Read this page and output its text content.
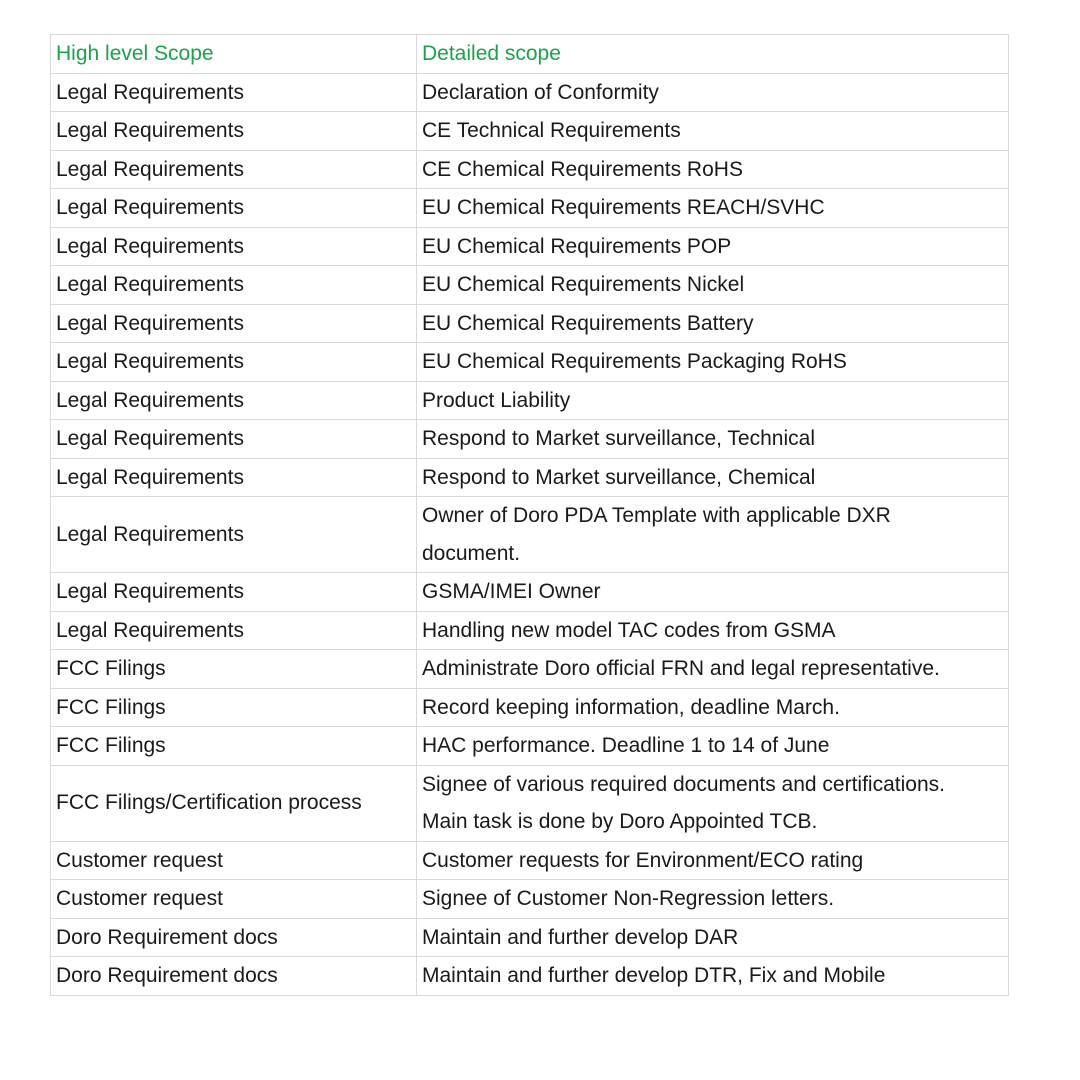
High level Scope	Detailed scope
Legal Requirements	Declaration of Conformity
Legal Requirements	CE Technical Requirements
Legal Requirements	CE Chemical Requirements RoHS
Legal Requirements	EU Chemical Requirements REACH/SVHC
Legal Requirements	EU Chemical Requirements POP
Legal Requirements	EU Chemical Requirements Nickel
Legal Requirements	EU Chemical Requirements Battery
Legal Requirements	EU Chemical Requirements Packaging RoHS
Legal Requirements	Product Liability
Legal Requirements	Respond to Market surveillance, Technical
Legal Requirements	Respond to Market surveillance, Chemical
Legal Requirements	Owner of Doro PDA Template with applicable DXR document.
Legal Requirements	GSMA/IMEI Owner
Legal Requirements	Handling new model TAC codes from GSMA
FCC Filings	Administrate Doro official FRN and legal representative.
FCC Filings	Record keeping information, deadline March.
FCC Filings	HAC performance. Deadline 1 to 14 of June
FCC Filings/Certification process	Signee of various required documents and certifications. Main task is done by Doro Appointed TCB.
Customer request	Customer requests for Environment/ECO rating
Customer request	Signee of Customer Non-Regression letters.
Doro Requirement docs	Maintain and further develop DAR
Doro Requirement docs	Maintain and further develop DTR, Fix and Mobile
